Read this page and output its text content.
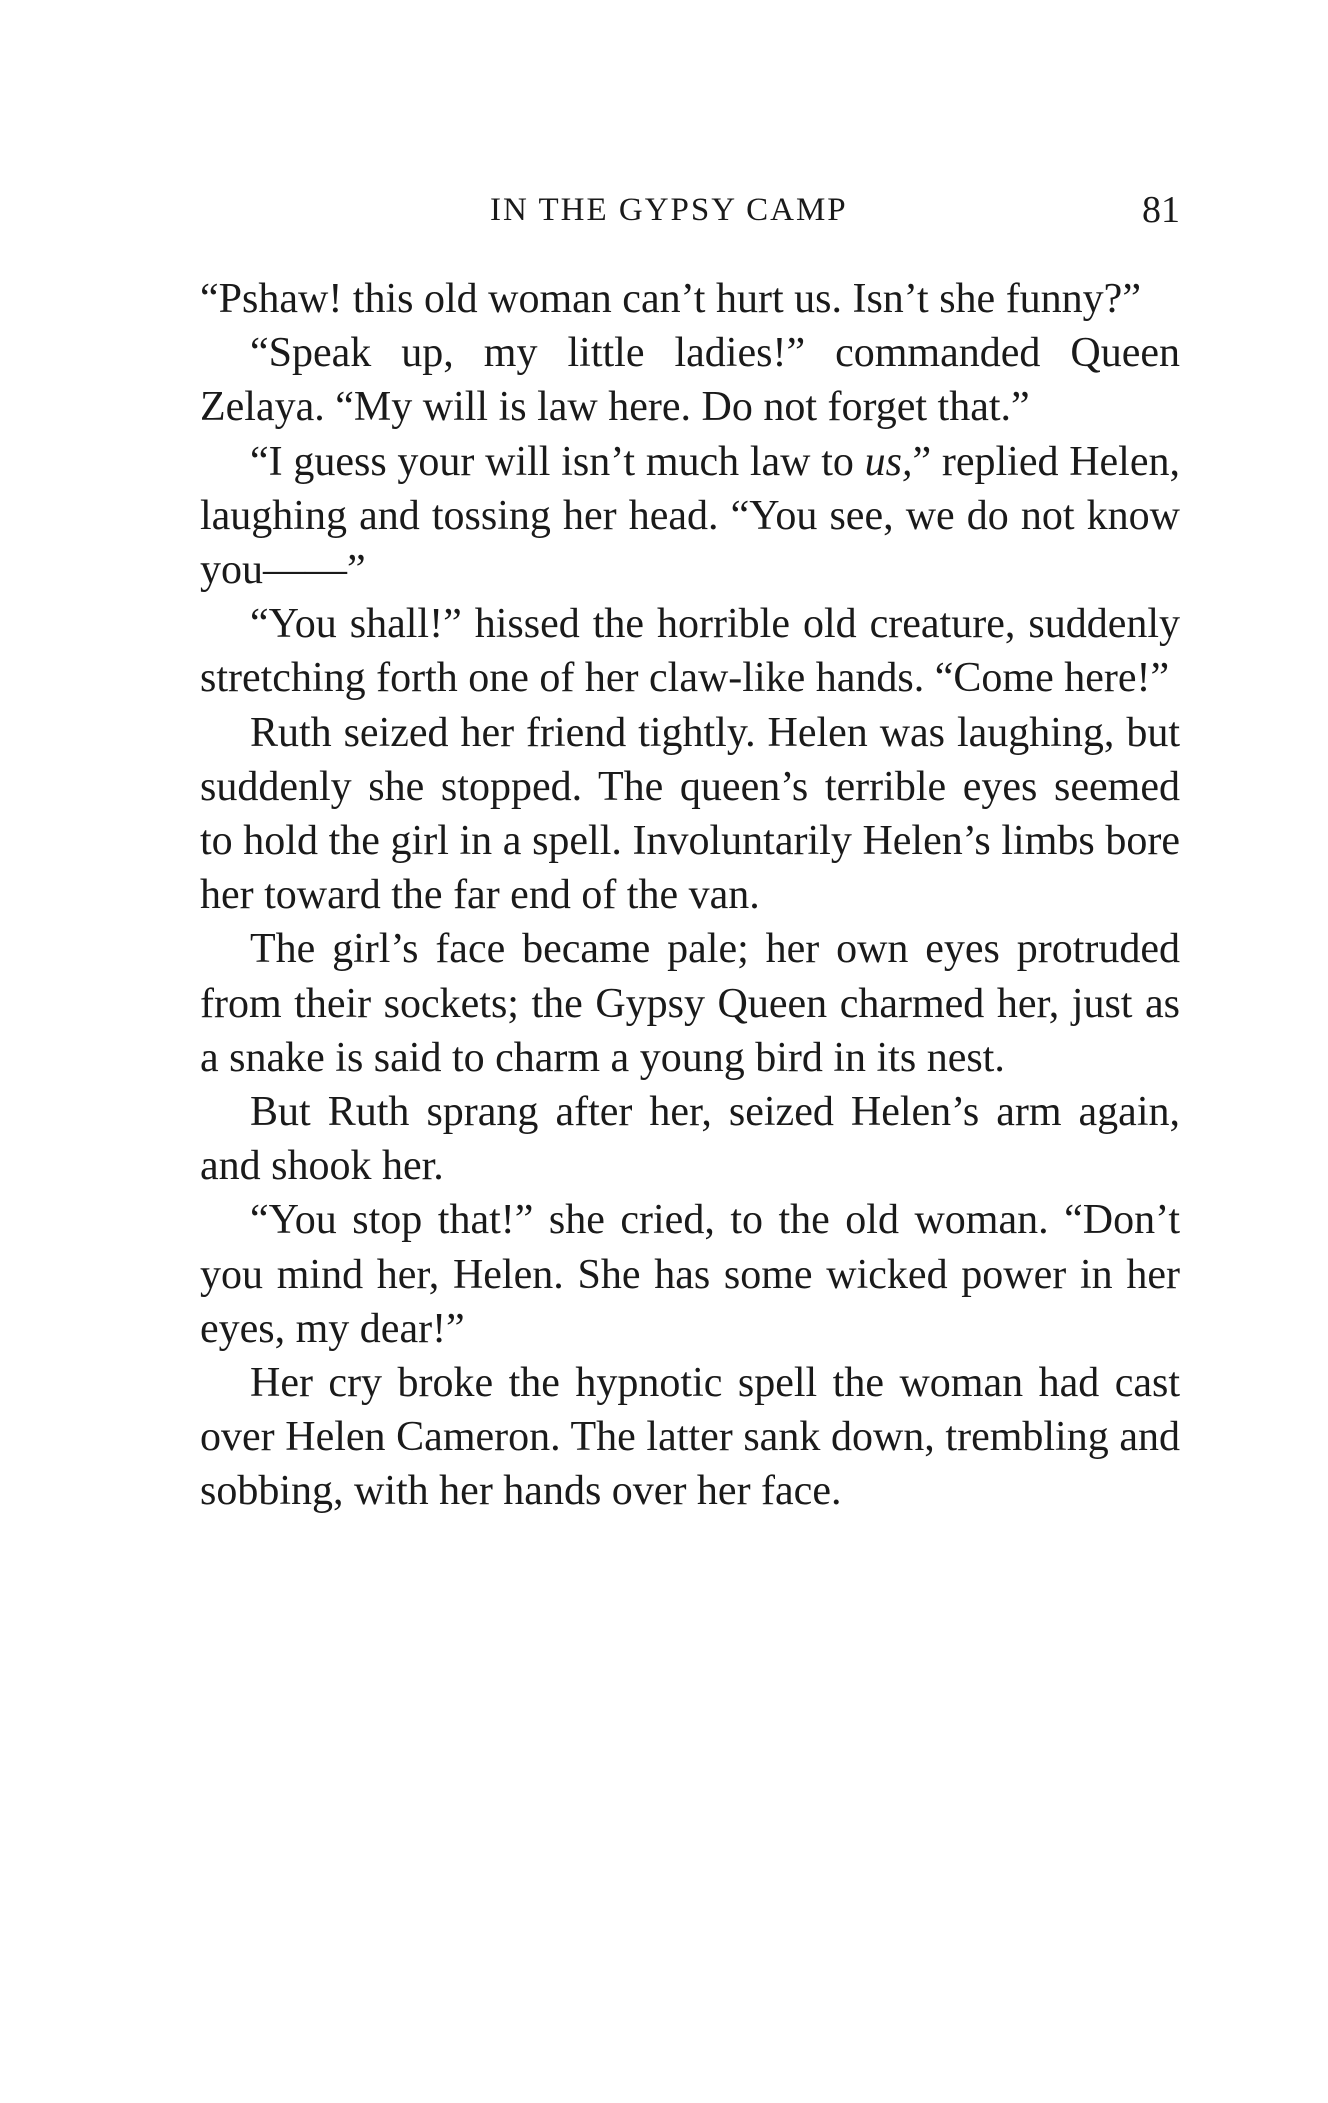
IN THE GYPSY CAMP	81

“Pshaw! this old woman can’t hurt us. Isn’t she funny?”

“Speak up, my little ladies!” commanded Queen Zelaya. “My will is law here. Do not forget that.”

“I guess your will isn’t much law to us,” replied Helen, laughing and tossing her head. “You see, we do not know you——”

“You shall!” hissed the horrible old creature, suddenly stretching forth one of her claw-like hands. “Come here!”

Ruth seized her friend tightly. Helen was laughing, but suddenly she stopped. The queen’s terrible eyes seemed to hold the girl in a spell. Involuntarily Helen’s limbs bore her toward the far end of the van.

The girl’s face became pale; her own eyes protruded from their sockets; the Gypsy Queen charmed her, just as a snake is said to charm a young bird in its nest.

But Ruth sprang after her, seized Helen’s arm again, and shook her.

“You stop that!” she cried, to the old woman. “Don’t you mind her, Helen. She has some wicked power in her eyes, my dear!”

Her cry broke the hypnotic spell the woman had cast over Helen Cameron. The latter sank down, trembling and sobbing, with her hands over her face.
